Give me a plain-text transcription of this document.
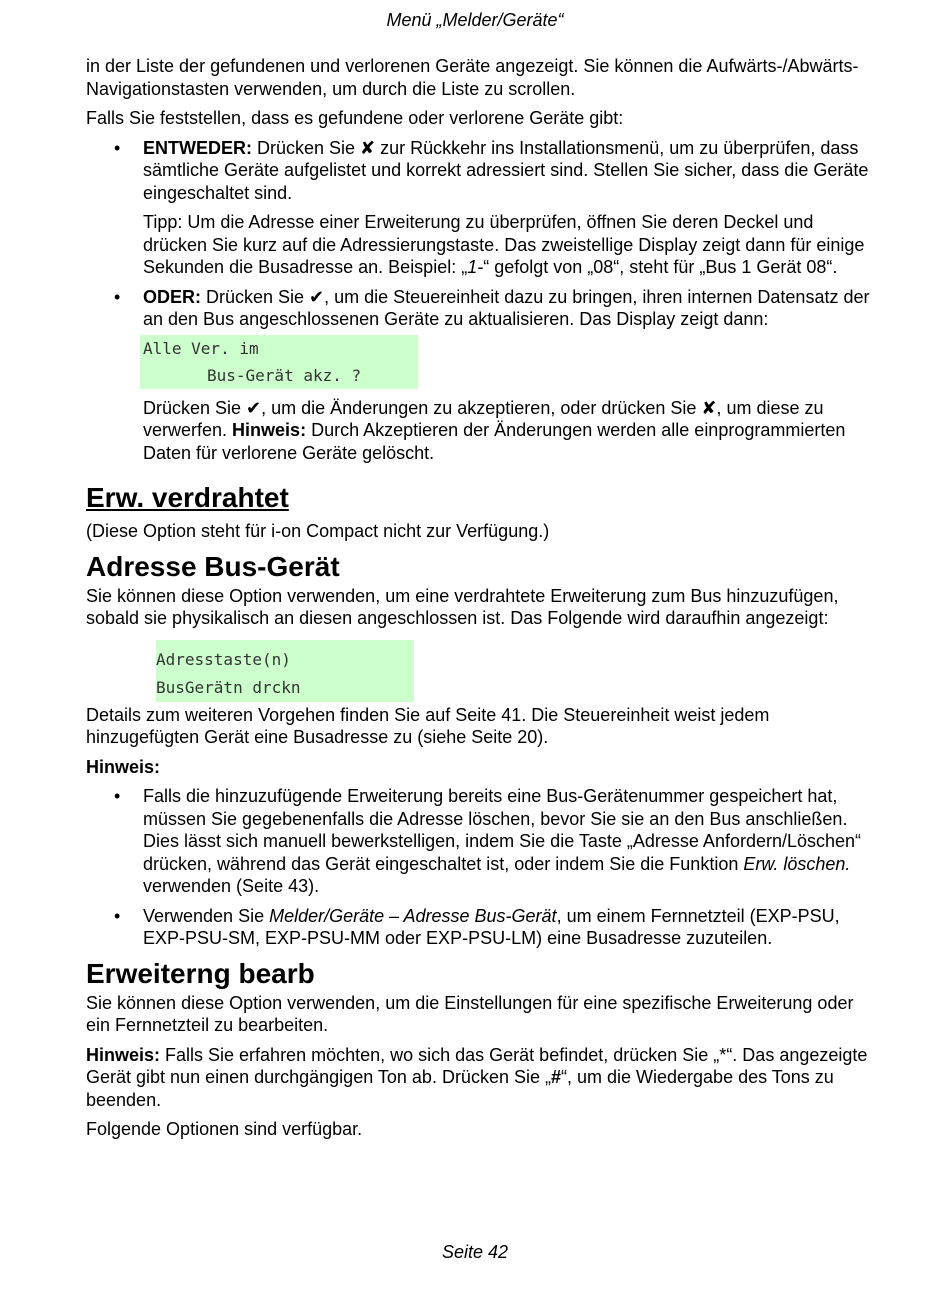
Menü „Melder/Geräte“

in der Liste der gefundenen und verlorenen Geräte angezeigt. Sie können die Aufwärts-/Abwärts-Navigationstasten verwenden, um durch die Liste zu scrollen.

Falls Sie feststellen, dass es gefundene oder verlorene Geräte gibt:

• ENTWEDER: Drücken Sie ✘ zur Rückkehr ins Installationsmenü, um zu überprüfen, dass sämtliche Geräte aufgelistet und korrekt adressiert sind. Stellen Sie sicher, dass die Geräte eingeschaltet sind.

Tipp: Um die Adresse einer Erweiterung zu überprüfen, öffnen Sie deren Deckel und drücken Sie kurz auf die Adressierungstaste. Das zweistellige Display zeigt dann für einige Sekunden die Busadresse an. Beispiel: „1-“ gefolgt von „08“, steht für „Bus 1 Gerät 08“.

• ODER: Drücken Sie ✔, um die Steuereinheit dazu zu bringen, ihren internen Datensatz der an den Bus angeschlossenen Geräte zu aktualisieren. Das Display zeigt dann:

Alle Ver. im
Bus-Gerät akz. ?

Drücken Sie ✔, um die Änderungen zu akzeptieren, oder drücken Sie ✘, um diese zu verwerfen. Hinweis: Durch Akzeptieren der Änderungen werden alle einprogrammierten Daten für verlorene Geräte gelöscht.

Erw. verdrahtet

(Diese Option steht für i-on Compact nicht zur Verfügung.)

Adresse Bus-Gerät

Sie können diese Option verwenden, um eine verdrahtete Erweiterung zum Bus hinzuzufügen, sobald sie physikalisch an diesen angeschlossen ist. Das Folgende wird daraufhin angezeigt:

Adresstaste(n)
BusGerätn drckn

Details zum weiteren Vorgehen finden Sie auf Seite 41. Die Steuereinheit weist jedem hinzugefügten Gerät eine Busadresse zu (siehe Seite 20).

Hinweis:

• Falls die hinzuzufügende Erweiterung bereits eine Bus-Gerätenummer gespeichert hat, müssen Sie gegebenenfalls die Adresse löschen, bevor Sie sie an den Bus anschließen. Dies lässt sich manuell bewerkstelligen, indem Sie die Taste „Adresse Anfordern/Löschen“ drücken, während das Gerät eingeschaltet ist, oder indem Sie die Funktion Erw. löschen. verwenden (Seite 43).
• Verwenden Sie Melder/Geräte – Adresse Bus-Gerät, um einem Fernnetzteil (EXP-PSU, EXP-PSU-SM, EXP-PSU-MM oder EXP-PSU-LM) eine Busadresse zuzuteilen.
Erweiterng bearb

Sie können diese Option verwenden, um die Einstellungen für eine spezifische Erweiterung oder ein Fernnetzteil zu bearbeiten.

Hinweis: Falls Sie erfahren möchten, wo sich das Gerät befindet, drücken Sie „*“. Das angezeigte Gerät gibt nun einen durchgängigen Ton ab. Drücken Sie „#“, um die Wiedergabe des Tons zu beenden.

Folgende Optionen sind verfügbar.

Seite 42
